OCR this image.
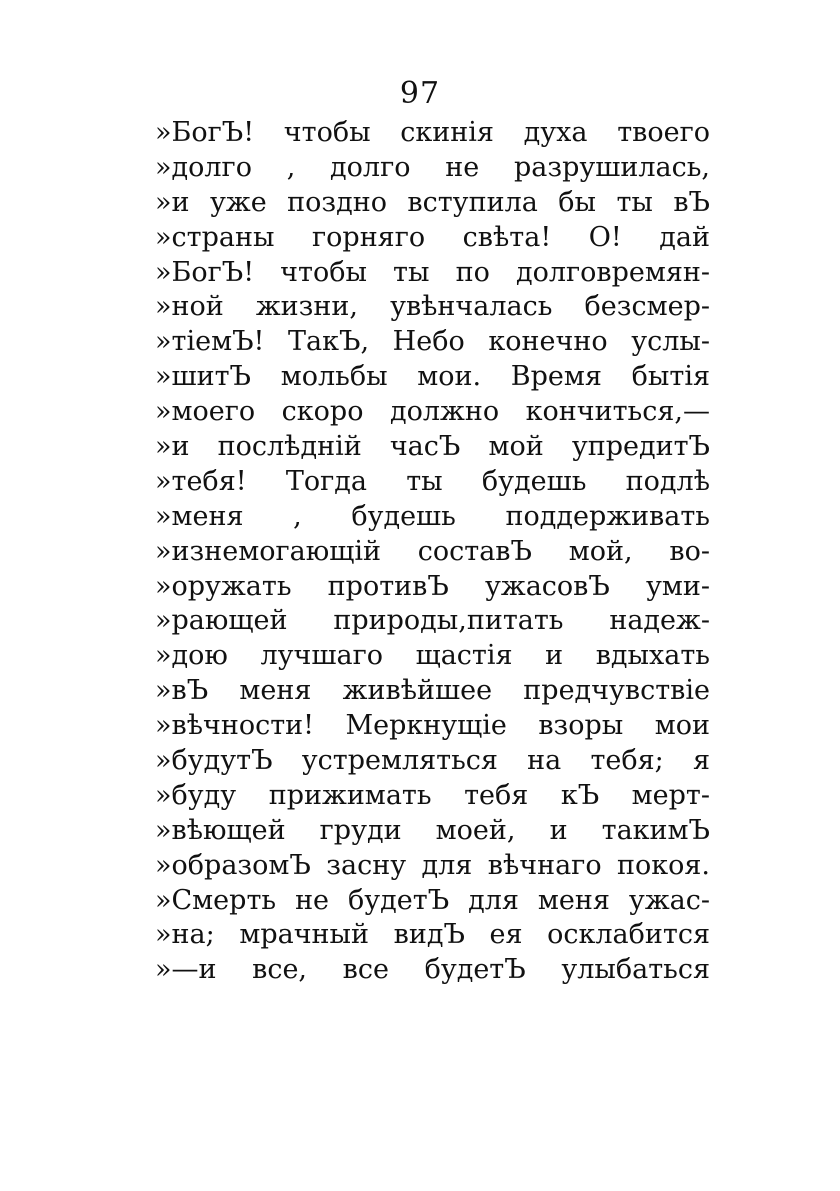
97
»БогЪ! чтобы скинія духа твоего
»долго , долго не разрушилась,
»и уже поздно вступила бы ты вЪ
»страны горняго свѣта! О! дай
»БогЪ! чтобы ты по долговремян-
»ной жизни, увѣнчалась безсмер-
»тіемЪ! ТакЪ, Небо конечно услы-
»шитЪ мольбы мои. Время бытія
»моего скоро должно кончиться,—
»и послѣдній часЪ мой упредитЪ
»тебя! Тогда ты будешь подлѣ
»меня , будешь поддерживать
»изнемогающій составЪ мой, во-
»оружать противЪ ужасовЪ уми-
»рающей природы,питать надеж-
»дою лучшаго щастія и вдыхать
»вЪ меня живѣйшее предчувствіе
»вѣчности! Меркнущіе взоры мои
»будутЪ устремляться на тебя; я
»буду прижимать тебя кЪ мерт-
»вѣющей груди моей, и такимЪ
»образомЪ засну для вѣчнаго покоя.
»Смерть не будетЪ для меня ужас-
»на; мрачный видЪ ея осклабится
»—и все, все будетЪ улыбаться
